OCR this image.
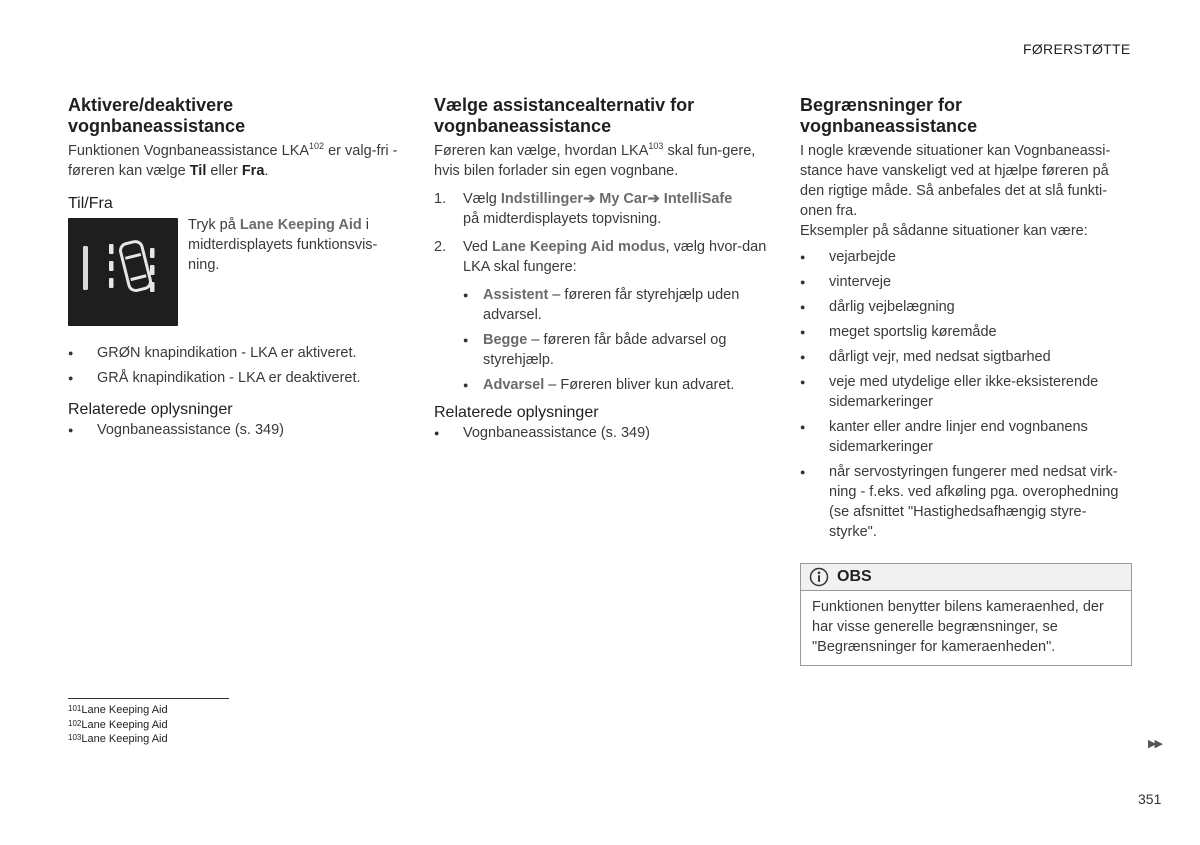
FØRERSTØTTE
Aktivere/deaktivere vognbaneassistance

Funktionen Vognbaneassistance LKA$^{102}$ er valg-fri - føreren kan vælge Til eller Fra.

Til/Fra

Tryk på Lane Keeping Aid i midterdisplayets funktionsvis-ning.

● GRØN knapindikation - LKA er aktiveret.
● GRÅ knapindikation - LKA er deaktiveret.
Relaterede oplysninger
● Vognbaneassistance (s. 349)
Vælge assistancealternativ for vognbaneassistance

Føreren kan vælge, hvordan LKA$^{103}$ skal fun-gere, hvis bilen forlader sin egen vognbane.

1. Vælg Indstillinger➔ My Car➔ IntelliSafe
på midterdisplayets topvisning.
2. Ved Lane Keeping Aid modus, vælg hvor-dan LKA skal fungere:
● Assistent – føreren får styrehjælp uden advarsel.
● Begge – føreren får både advarsel og styrehjælp.
● Advarsel – Føreren bliver kun advaret.
Relaterede oplysninger
● Vognbaneassistance (s. 349)
Begrænsninger for vognbaneassistance

I nogle krævende situationer kan Vognbaneassi-stance have vanskeligt ved at hjælpe føreren på den rigtige måde. Så anbefales det at slå funkti-onen fra.

Eksempler på sådanne situationer kan være:

● vejarbejde
● vinterveje
● dårlig vejbelægning
● meget sportslig køremåde
● dårligt vejr, med nedsat sigtbarhed
● veje med utydelige eller ikke-eksisterende sidemarkeringer
● kanter eller andre linjer end vognbanens sidemarkeringer
● når servostyringen fungerer med nedsat virk-ning - f.eks. ved afkøling pga. overophedning (se afsnittet "Hastighedsafhængig styre-styrke".
OBS
Funktionen benytter bilens kameraenhed, der har visse generelle begrænsninger, se "Begrænsninger for kameraenheden".
$^{101}$Lane Keeping Aid
$^{102}$Lane Keeping Aid
$^{103}$Lane Keeping Aid	▶▶
351
